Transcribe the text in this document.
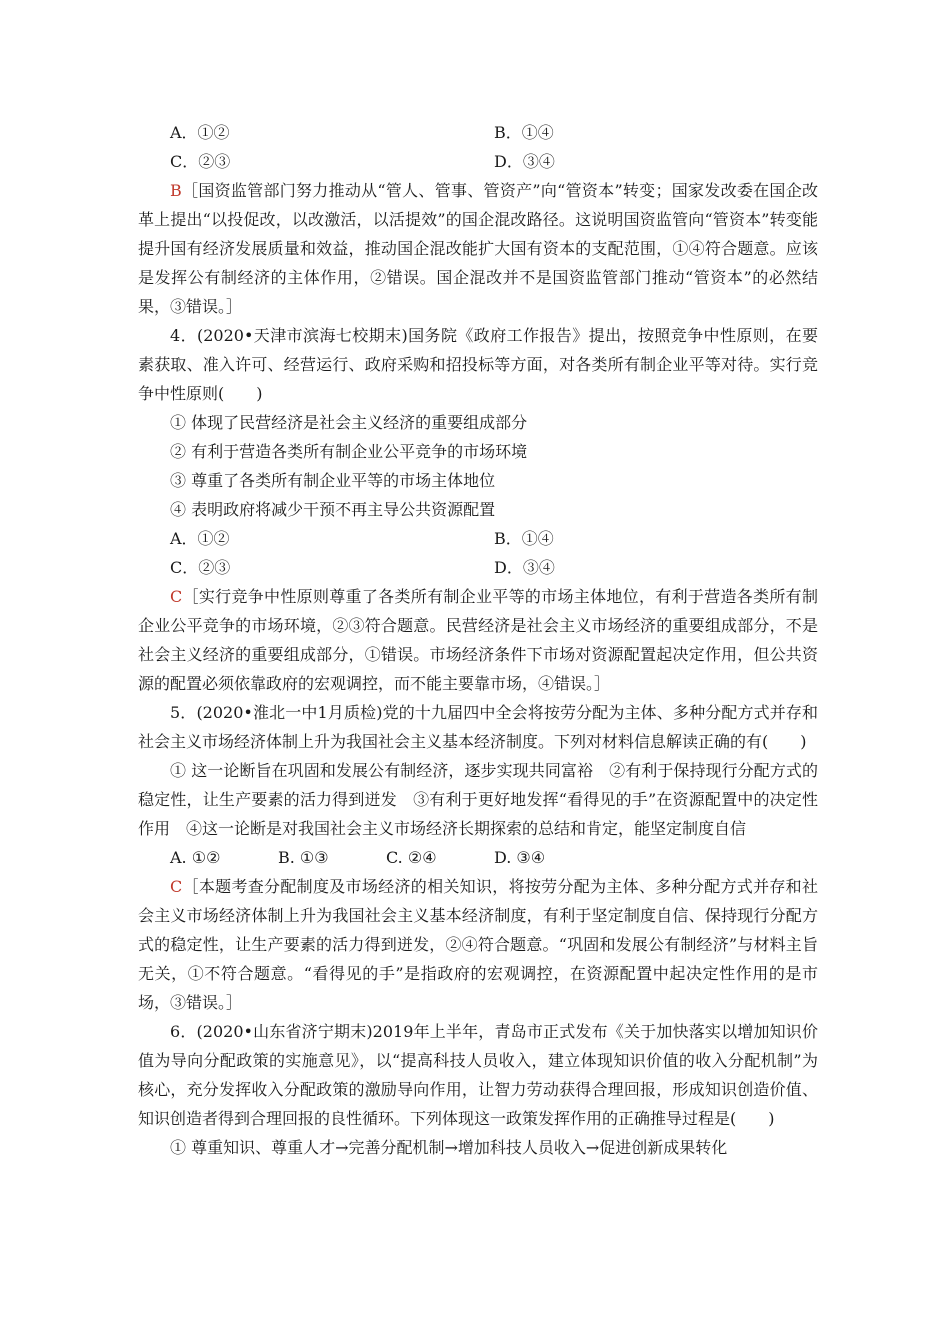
A．①②	B．①④
C．②③	D．③④

B［国资监管部门努力推动从“管人、管事、管资产”向“管资本”转变；国家发改委在国企改革上提出“以投促改，以改激活，以活提效”的国企混改路径。这说明国资监管向“管资本”转变能提升国有经济发展质量和效益，推动国企混改能扩大国有资本的支配范围，①④符合题意。应该是发挥公有制经济的主体作用，②错误。国企混改并不是国资监管部门推动“管资本”的必然结果，③错误。］

4．(2020•天津市滨海七校期末)国务院《政府工作报告》提出，按照竞争中性原则，在要素获取、准入许可、经营运行、政府采购和招投标等方面，对各类所有制企业平等对待。实行竞争中性原则(　　)

① 体现了民营经济是社会主义经济的重要组成部分

② 有利于营造各类所有制企业公平竞争的市场环境

③ 尊重了各类所有制企业平等的市场主体地位

④ 表明政府将减少干预不再主导公共资源配置

A．①②	B．①④
C．②③	D．③④

C［实行竞争中性原则尊重了各类所有制企业平等的市场主体地位，有利于营造各类所有制企业公平竞争的市场环境，②③符合题意。民营经济是社会主义市场经济的重要组成部分，不是社会主义经济的重要组成部分，①错误。市场经济条件下市场对资源配置起决定作用，但公共资源的配置必须依靠政府的宏观调控，而不能主要靠市场，④错误。］

5．(2020•淮北一中1月质检)党的十九届四中全会将按劳分配为主体、多种分配方式并存和社会主义市场经济体制上升为我国社会主义基本经济制度。下列对材料信息解读正确的有(　　)

① 这一论断旨在巩固和发展公有制经济，逐步实现共同富裕　②有利于保持现行分配方式的稳定性，让生产要素的活力得到迸发　③有利于更好地发挥“看得见的手”在资源配置中的决定性作用　④这一论断是对我国社会主义市场经济长期探索的总结和肯定，能坚定制度自信

A. ①②	B. ①③	C. ②④	D. ③④

C［本题考查分配制度及市场经济的相关知识，将按劳分配为主体、多种分配方式并存和社会主义市场经济体制上升为我国社会主义基本经济制度，有利于坚定制度自信、保持现行分配方式的稳定性，让生产要素的活力得到迸发，②④符合题意。“巩固和发展公有制经济”与材料主旨无关，①不符合题意。“看得见的手”是指政府的宏观调控，在资源配置中起决定性作用的是市场，③错误。］

6．(2020•山东省济宁期末)2019年上半年，青岛市正式发布《关于加快落实以增加知识价值为导向分配政策的实施意见》，以“提高科技人员收入，建立体现知识价值的收入分配机制”为核心，充分发挥收入分配政策的激励导向作用，让智力劳动获得合理回报，形成知识创造价值、知识创造者得到合理回报的良性循环。下列体现这一政策发挥作用的正确推导过程是(　　)

① 尊重知识、尊重人才→完善分配机制→增加科技人员收入→促进创新成果转化
